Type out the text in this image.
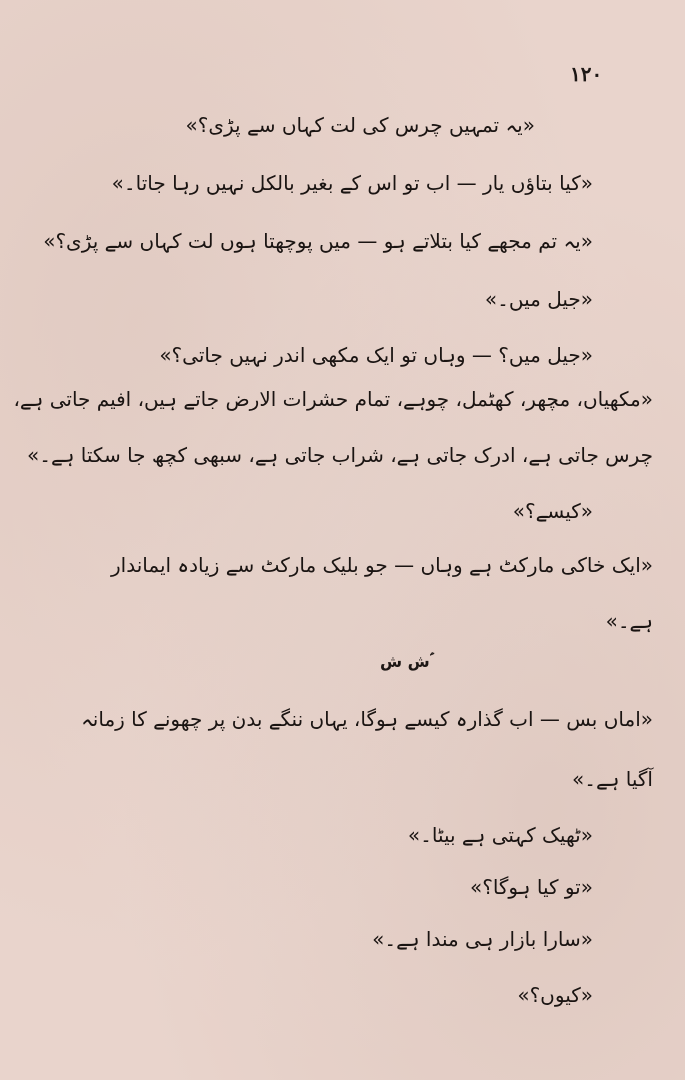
١٢٠
«یہ تمہیں چرس کی لت کہاں سے پڑی؟»
«کیا بتاؤں یار — اب تو اس کے بغیر بالکل نہیں رہا جاتا۔»
«یہ تم مجھے کیا بتلاتے ہو — میں پوچھتا ہوں لت کہاں سے پڑی؟»
«جیل میں۔»
«جیل میں؟ — وہاں تو ایک مکھی اندر نہیں جاتی؟»
«مکھیاں، مچھر، کھٹمل، چوہے، تمام حشرات الارض جاتے ہیں، افیم جاتی ہے،
چرس جاتی ہے، ادرک جاتی ہے، شراب جاتی ہے، سبھی کچھ جا سکتا ہے۔»
«کیسے؟»
«ایک خاکی مارکٹ ہے وہاں — جو بلیک مارکٹ سے زیادہ ایماندار
ہے۔»
ش ش ؑ
«اماں بس — اب گذارہ کیسے ہوگا، یہاں ننگے بدن پر چھونے کا زمانہ
آگیا ہے۔»
«ٹھیک کہتی ہے بیٹا۔»
«تو کیا ہوگا؟»
«سارا بازار ہی مندا ہے۔»
«کیوں؟»
